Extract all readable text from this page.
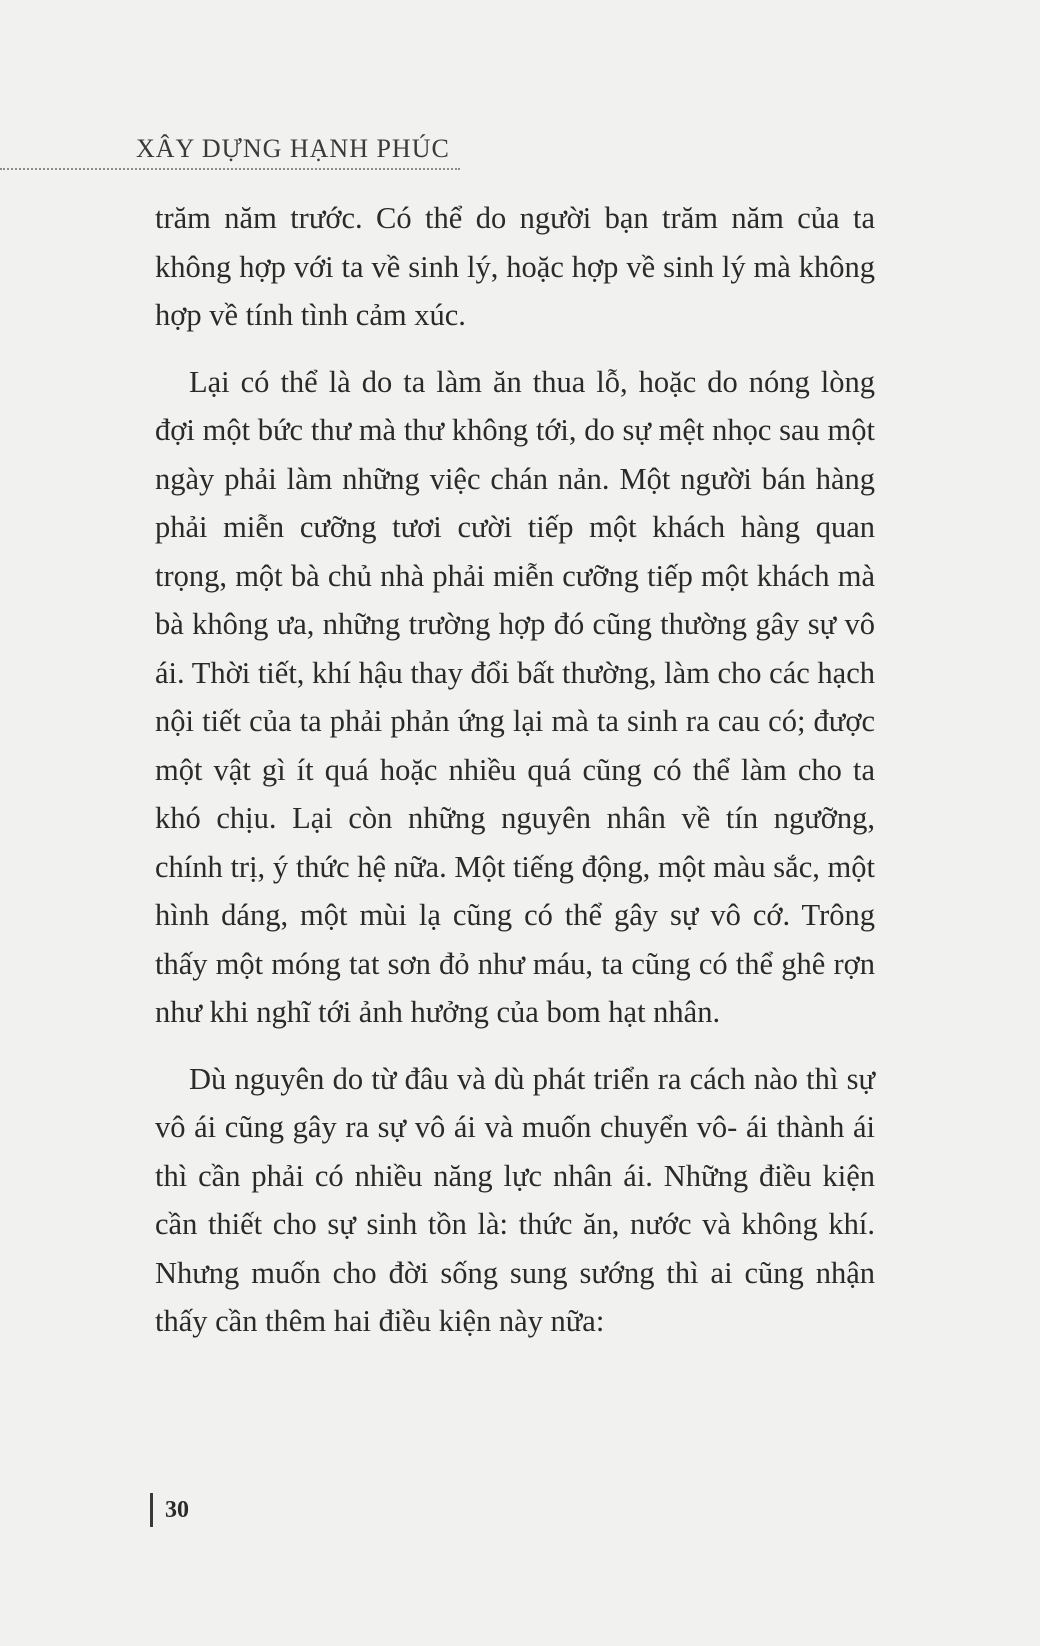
XÂY DỰNG HẠNH PHÚC

trăm năm trước. Có thể do người bạn trăm năm của ta không hợp với ta về sinh lý, hoặc hợp về sinh lý mà không hợp về tính tình cảm xúc.

Lại có thể là do ta làm ăn thua lỗ, hoặc do nóng lòng đợi một bức thư mà thư không tới, do sự mệt nhọc sau một ngày phải làm những việc chán nản. Một người bán hàng phải miễn cưỡng tươi cười tiếp một khách hàng quan trọng, một bà chủ nhà phải miễn cưỡng tiếp một khách mà bà không ưa, những trường hợp đó cũng thường gây sự vô ái. Thời tiết, khí hậu thay đổi bất thường, làm cho các hạch nội tiết của ta phải phản ứng lại mà ta sinh ra cau có; được một vật gì ít quá hoặc nhiều quá cũng có thể làm cho ta khó chịu. Lại còn những nguyên nhân về tín ngưỡng, chính trị, ý thức hệ nữa. Một tiếng động, một màu sắc, một hình dáng, một mùi lạ cũng có thể gây sự vô cớ. Trông thấy một móng tat sơn đỏ như máu, ta cũng có thể ghê rợn như khi nghĩ tới ảnh hưởng của bom hạt nhân.

Dù nguyên do từ đâu và dù phát triển ra cách nào thì sự vô ái cũng gây ra sự vô ái và muốn chuyển vô- ái thành ái thì cần phải có nhiều năng lực nhân ái. Những điều kiện cần thiết cho sự sinh tồn là: thức ăn, nước và không khí. Nhưng muốn cho đời sống sung sướng thì ai cũng nhận thấy cần thêm hai điều kiện này nữa:

30
